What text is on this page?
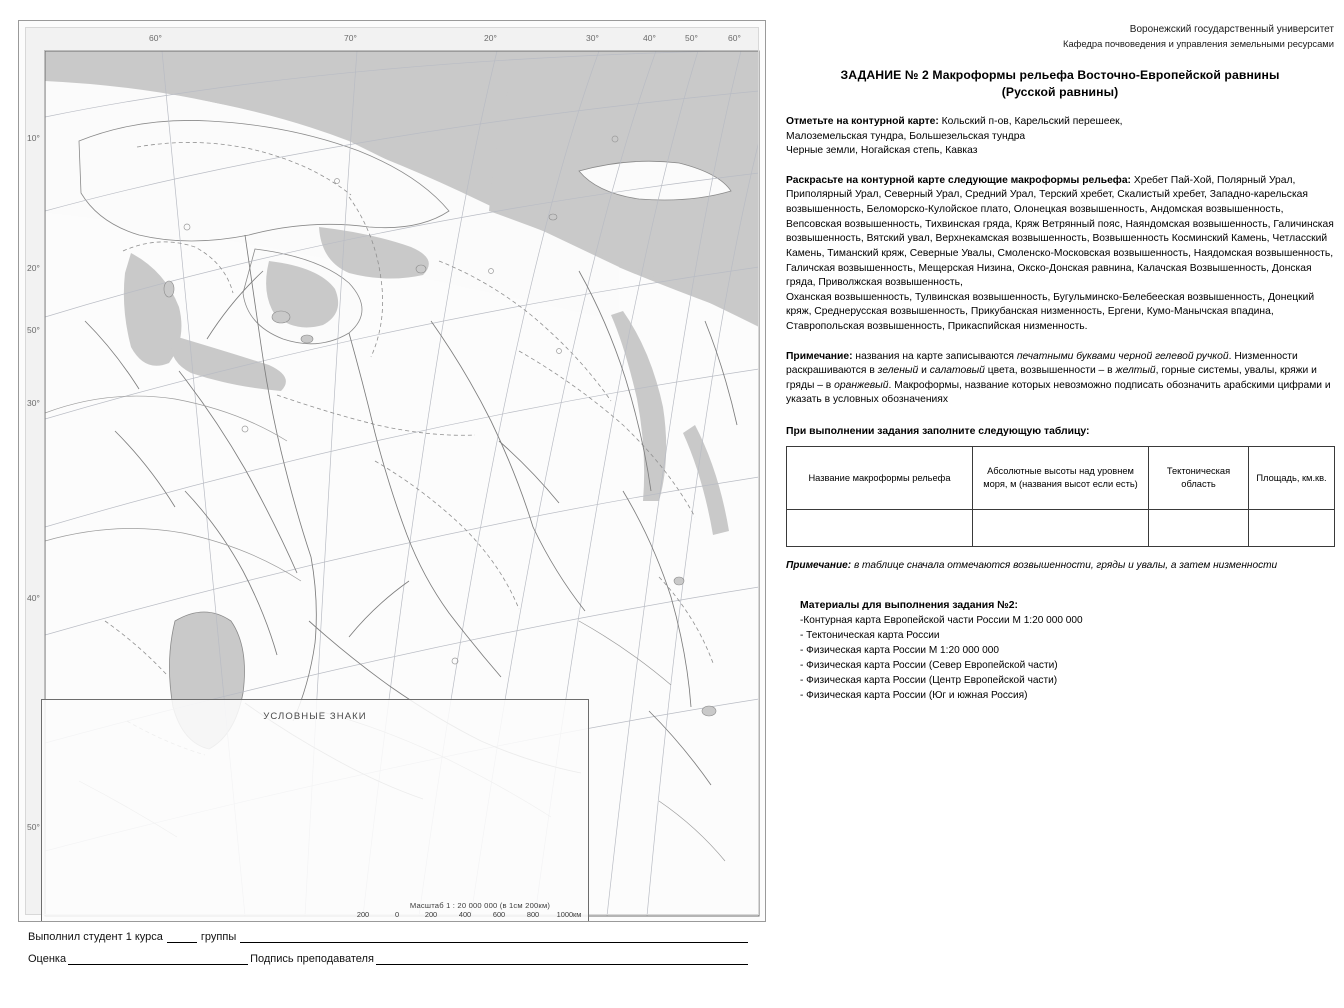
60°	70°	20°	30°	40°	50°	60°
10°
20°
50°
30°
40°
50°
УСЛОВНЫЕ ЗНАКИ
Масштаб 1 : 20 000 000 (в 1см 200км)
200	0	200	400	600	800 1000км
Воронежский государственный университет
Кафедра почвоведения и управления земельными ресурсами
ЗАДАНИЕ № 2 Макроформы рельефа Восточно-Европейской равнины
(Русской равнины)

Отметьте на контурной карте: Кольский п-ов, Карельский перешеек,

Малоземельская тундра, Большезельская тундра

Черные земли, Ногайская степь, Кавказ

Раскрасьте на контурной карте следующие макроформы рельефа: Хребет Пай-Хой, Полярный Урал, Приполярный Урал, Северный Урал, Средний Урал, Терский хребет, Скалистый хребет, Западно-карельская возвышенность, Беломорско-Кулойское плато, Олонецкая возвышенность, Андомская возвышенность, Вепсовская возвышенность, Тихвинская гряда, Кряж Ветрянный пояс, Наяндомская возвышенность, Галичинская возвышенность, Вятский увал, Верхнекамская возвышенность, Возвышенность Косминский Камень, Четласский Камень, Тиманский кряж, Северные Увалы, Смоленско-Московская возвышенность, Наядомская возвышенность, Галичская возвышенность, Мещерская Низина, Окско-Донская равнина, Калачская Возвышенность, Донская гряда, Приволжская возвышенность,

Оханская возвышенность, Тулвинская возвышенность, Бугульминско-Белебееская возвышенность, Донецкий кряж, Среднерусская возвышенность, Прикубанская низменность, Ергени, Кумо-Манычская впадина, Ставропольская возвышенность, Прикаспийская низменность.

Примечание: названия на карте записываются печатными буквами черной гелевой ручкой. Низменности раскрашиваются в зеленый и салатовый цвета, возвышенности – в желтый, горные системы, увалы, кряжи и гряды – в оранжевый. Макроформы, название которых невозможно подписать обозначить арабскими цифрами и указать в условных обозначениях

При выполнении задания заполните следующую таблицу:
Название макроформы рельефа	Абсолютные высоты над уровнем моря, м (названия высот если есть)	Тектоническая область	Площадь, км.кв.

Примечание: в таблице сначала отмечаются возвышенности, гряды и увалы, а затем низменности
Материалы для выполнения задания №2:
-Контурная карта Европейской части России М 1:20 000 000
- Тектоническая карта России
- Физическая карта России М 1:20 000 000
- Физическая карта России (Север Европейской части)
- Физическая карта России (Центр Европейской части)
- Физическая карта России (Юг и южная Россия)
Выполнил студент 1 курса	группы
Оценка	Подпись преподавателя
